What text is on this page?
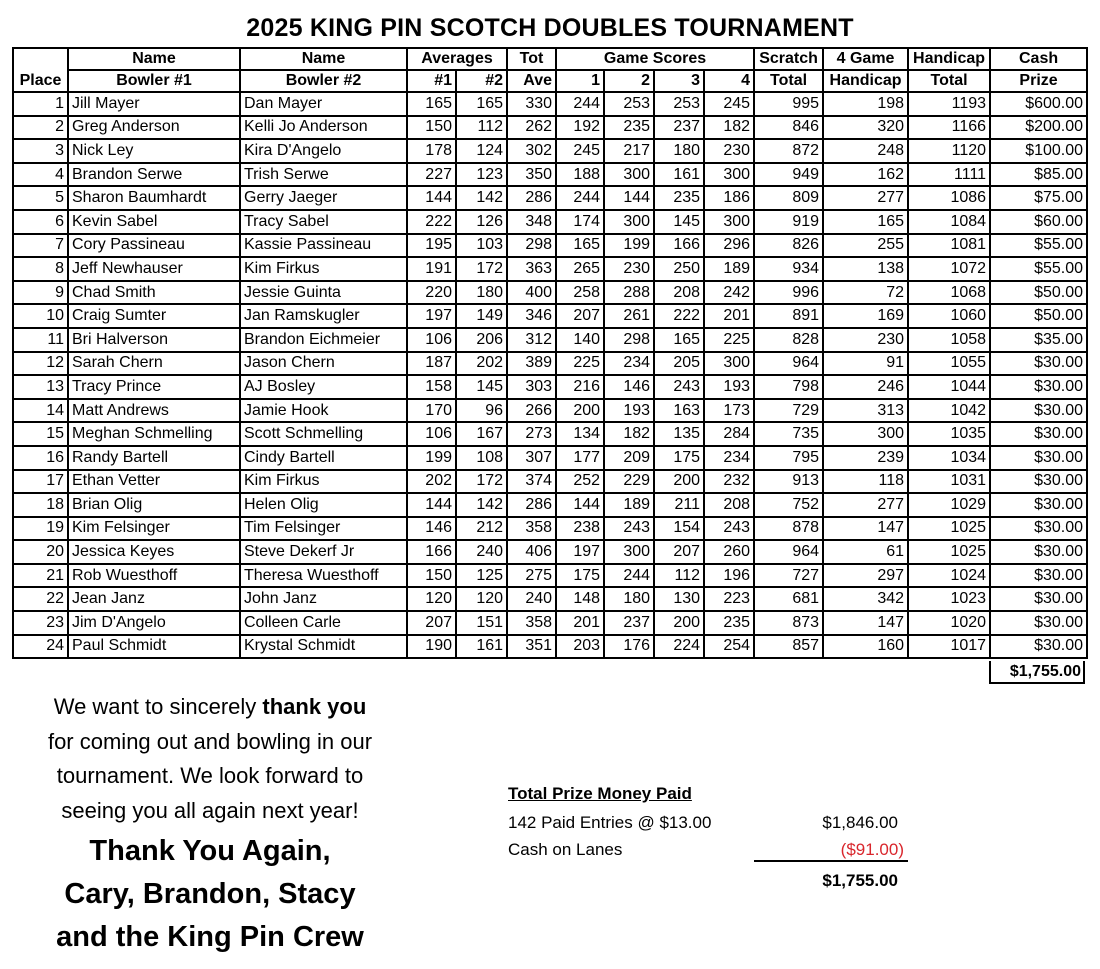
2025 KING PIN SCOTCH DOUBLES TOURNAMENT
Place	Name	Name	Averages		Tot	Game Scores				Scratch	4 Game	Handicap	Cash
	Bowler #1	Bowler #2	#1	#2	Ave	1	2	3	4	Total	Handicap	Total	Prize
1	Jill Mayer	Dan Mayer	165	165	330	244	253	253	245	995	198	1193	$600.00
2	Greg Anderson	Kelli Jo Anderson	150	112	262	192	235	237	182	846	320	1166	$200.00
3	Nick Ley	Kira D'Angelo	178	124	302	245	217	180	230	872	248	1120	$100.00
4	Brandon Serwe	Trish Serwe	227	123	350	188	300	161	300	949	162	1111	$85.00
5	Sharon Baumhardt	Gerry Jaeger	144	142	286	244	144	235	186	809	277	1086	$75.00
6	Kevin Sabel	Tracy Sabel	222	126	348	174	300	145	300	919	165	1084	$60.00
7	Cory Passineau	Kassie Passineau	195	103	298	165	199	166	296	826	255	1081	$55.00
8	Jeff Newhauser	Kim Firkus	191	172	363	265	230	250	189	934	138	1072	$55.00
9	Chad Smith	Jessie Guinta	220	180	400	258	288	208	242	996	72	1068	$50.00
10	Craig Sumter	Jan Ramskugler	197	149	346	207	261	222	201	891	169	1060	$50.00
11	Bri Halverson	Brandon Eichmeier	106	206	312	140	298	165	225	828	230	1058	$35.00
12	Sarah Chern	Jason Chern	187	202	389	225	234	205	300	964	91	1055	$30.00
13	Tracy Prince	AJ Bosley	158	145	303	216	146	243	193	798	246	1044	$30.00
14	Matt Andrews	Jamie Hook	170	96	266	200	193	163	173	729	313	1042	$30.00
15	Meghan Schmelling	Scott Schmelling	106	167	273	134	182	135	284	735	300	1035	$30.00
16	Randy Bartell	Cindy Bartell	199	108	307	177	209	175	234	795	239	1034	$30.00
17	Ethan Vetter	Kim Firkus	202	172	374	252	229	200	232	913	118	1031	$30.00
18	Brian Olig	Helen Olig	144	142	286	144	189	211	208	752	277	1029	$30.00
19	Kim Felsinger	Tim Felsinger	146	212	358	238	243	154	243	878	147	1025	$30.00
20	Jessica Keyes	Steve Dekerf Jr	166	240	406	197	300	207	260	964	61	1025	$30.00
21	Rob Wuesthoff	Theresa Wuesthoff	150	125	275	175	244	112	196	727	297	1024	$30.00
22	Jean Janz	John Janz	120	120	240	148	180	130	223	681	342	1023	$30.00
23	Jim D'Angelo	Colleen Carle	207	151	358	201	237	200	235	873	147	1020	$30.00
24	Paul Schmidt	Krystal Schmidt	190	161	351	203	176	224	254	857	160	1017	$30.00
$1,755.00
We want to sincerely thank you
for coming out and bowling in our
tournament. We look forward to
seeing you all again next year!
Thank You Again,
Cary, Brandon, Stacy
and the King Pin Crew
Total Prize Money Paid
142 Paid Entries @ $13.00	$1,846.00
Cash on Lanes	($91.00)
$1,755.00
